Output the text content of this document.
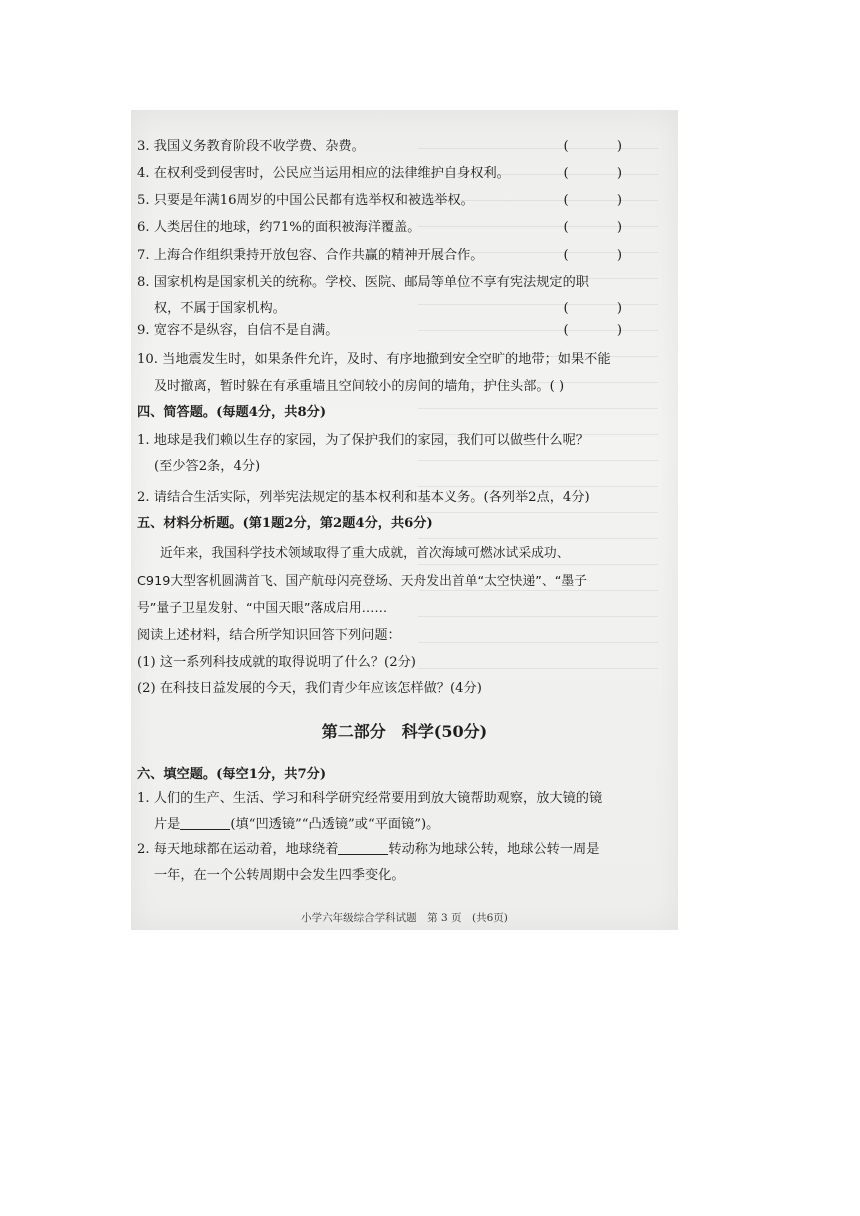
3. 我国义务教育阶段不收学费、杂费。	( )
4. 在权利受到侵害时，公民应当运用相应的法律维护自身权利。	( )
5. 只要是年满16周岁的中国公民都有选举权和被选举权。	( )
6. 人类居住的地球，约71%的面积被海洋覆盖。	( )
7. 上海合作组织秉持开放包容、合作共赢的精神开展合作。	( )
8. 国家机构是国家机关的统称。学校、医院、邮局等单位不享有宪法规定的职
权，不属于国家机构。	( )
9. 宽容不是纵容，自信不是自满。	( )
10. 当地震发生时，如果条件允许，及时、有序地撤到安全空旷的地带；如果不能
及时撤离，暂时躲在有承重墙且空间较小的房间的墙角，护住头部。( )
四、简答题。(每题4分，共8分)
1. 地球是我们赖以生存的家园，为了保护我们的家园，我们可以做些什么呢？
(至少答2条，4分)
2. 请结合生活实际，列举宪法规定的基本权利和基本义务。(各列举2点，4分)
五、材料分析题。(第1题2分，第2题4分，共6分)
近年来，我国科学技术领域取得了重大成就，首次海域可燃冰试采成功、
C919大型客机圆满首飞、国产航母闪亮登场、天舟发出首单“太空快递”、“墨子
号”量子卫星发射、“中国天眼”落成启用……
阅读上述材料，结合所学知识回答下列问题：
(1) 这一系列科技成就的取得说明了什么？(2分)
(2) 在科技日益发展的今天，我们青少年应该怎样做？(4分)
第二部分　科学(50分)
六、填空题。(每空1分，共7分)
1. 人们的生产、生活、学习和科学研究经常要用到放大镜帮助观察，放大镜的镜
片是	(填“凹透镜”“凸透镜”或“平面镜”)。
2. 每天地球都在运动着，地球绕着	转动称为地球公转，地球公转一周是
一年，在一个公转周期中会发生四季变化。
小学六年级综合学科试题　第 3 页　(共6页)
